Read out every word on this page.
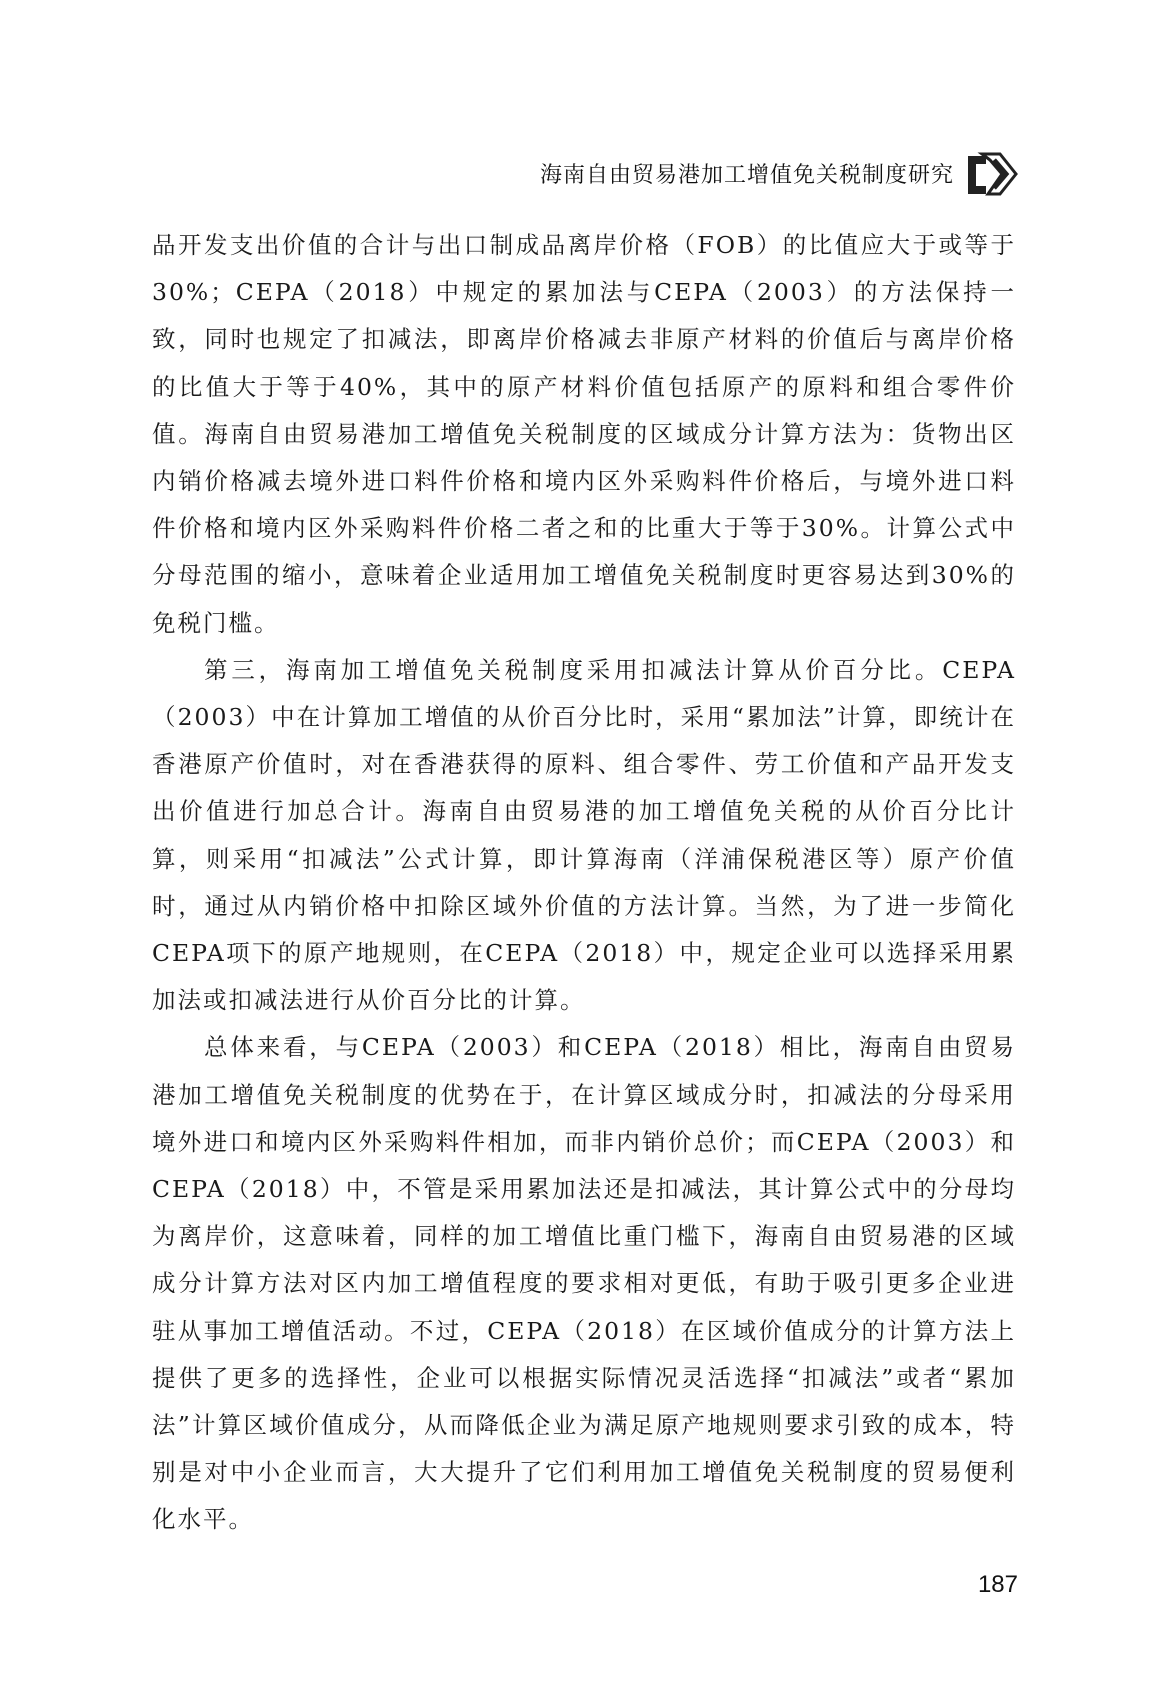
海南自由贸易港加工增值免关税制度研究

品开发支出价值的合计与出口制成品离岸价格（FOB）的比值应大于或等于30%；CEPA（2018）中规定的累加法与CEPA（2003）的方法保持一致，同时也规定了扣减法，即离岸价格减去非原产材料的价值后与离岸价格的比值大于等于40%，其中的原产材料价值包括原产的原料和组合零件价值。海南自由贸易港加工增值免关税制度的区域成分计算方法为：货物出区内销价格减去境外进口料件价格和境内区外采购料件价格后，与境外进口料件价格和境内区外采购料件价格二者之和的比重大于等于30%。计算公式中分母范围的缩小，意味着企业适用加工增值免关税制度时更容易达到30%的免税门槛。

第三，海南加工增值免关税制度采用扣减法计算从价百分比。CEPA（2003）中在计算加工增值的从价百分比时，采用“累加法”计算，即统计在香港原产价值时，对在香港获得的原料、组合零件、劳工价值和产品开发支出价值进行加总合计。海南自由贸易港的加工增值免关税的从价百分比计算，则采用“扣减法”公式计算，即计算海南（洋浦保税港区等）原产价值时，通过从内销价格中扣除区域外价值的方法计算。当然，为了进一步简化CEPA项下的原产地规则，在CEPA（2018）中，规定企业可以选择采用累加法或扣减法进行从价百分比的计算。

总体来看，与CEPA（2003）和CEPA（2018）相比，海南自由贸易港加工增值免关税制度的优势在于，在计算区域成分时，扣减法的分母采用境外进口和境内区外采购料件相加，而非内销价总价；而CEPA（2003）和CEPA（2018）中，不管是采用累加法还是扣减法，其计算公式中的分母均为离岸价，这意味着，同样的加工增值比重门槛下，海南自由贸易港的区域成分计算方法对区内加工增值程度的要求相对更低，有助于吸引更多企业进驻从事加工增值活动。不过，CEPA（2018）在区域价值成分的计算方法上提供了更多的选择性，企业可以根据实际情况灵活选择“扣减法”或者“累加法”计算区域价值成分，从而降低企业为满足原产地规则要求引致的成本，特别是对中小企业而言，大大提升了它们利用加工增值免关税制度的贸易便利化水平。

187
